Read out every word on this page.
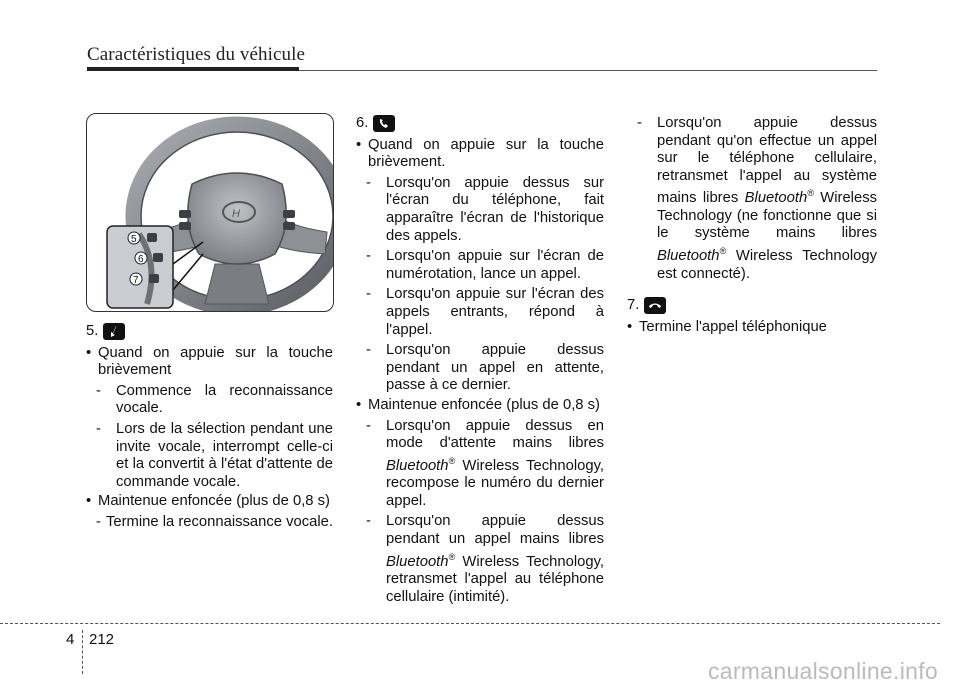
Caractéristiques du véhicule
H
5
6
7
5.
• Quand on appuie sur la touche brièvement

- Commence la reconnaissance vocale.

- Lors de la sélection pendant une invite vocale, interrompt celle-ci et la convertit à l'état d'attente de commande vocale.

• Maintenue enfoncée (plus de 0,8 s)

- Termine la reconnaissance vocale.

6.
• Quand on appuie sur la touche brièvement.

- Lorsqu'on appuie dessus sur l'écran du téléphone, fait apparaître l'écran de l'historique des appels.

- Lorsqu'on appuie sur l'écran de numérotation, lance un appel.

- Lorsqu'on appuie sur l'écran des appels entrants, répond à l'appel.

- Lorsqu'on appuie dessus pendant un appel en attente, passe à ce dernier.

• Maintenue enfoncée (plus de 0,8 s)

- Lorsqu'on appuie dessus en mode d'attente mains libres Bluetooth® Wireless Technology, recompose le numéro du dernier appel.

- Lorsqu'on appuie dessus pendant un appel mains libres Bluetooth® Wireless Technology, retransmet l'appel au téléphone cellulaire (intimité).

- Lorsqu'on appuie dessus pendant qu'on effectue un appel sur le téléphone cellulaire, retransmet l'appel au système mains libres Bluetooth® Wireless Technology (ne fonctionne que si le système mains libres Bluetooth® Wireless Technology est connecté).

7.
• Termine l'appel téléphonique

4 212
carmanualsonline.info
